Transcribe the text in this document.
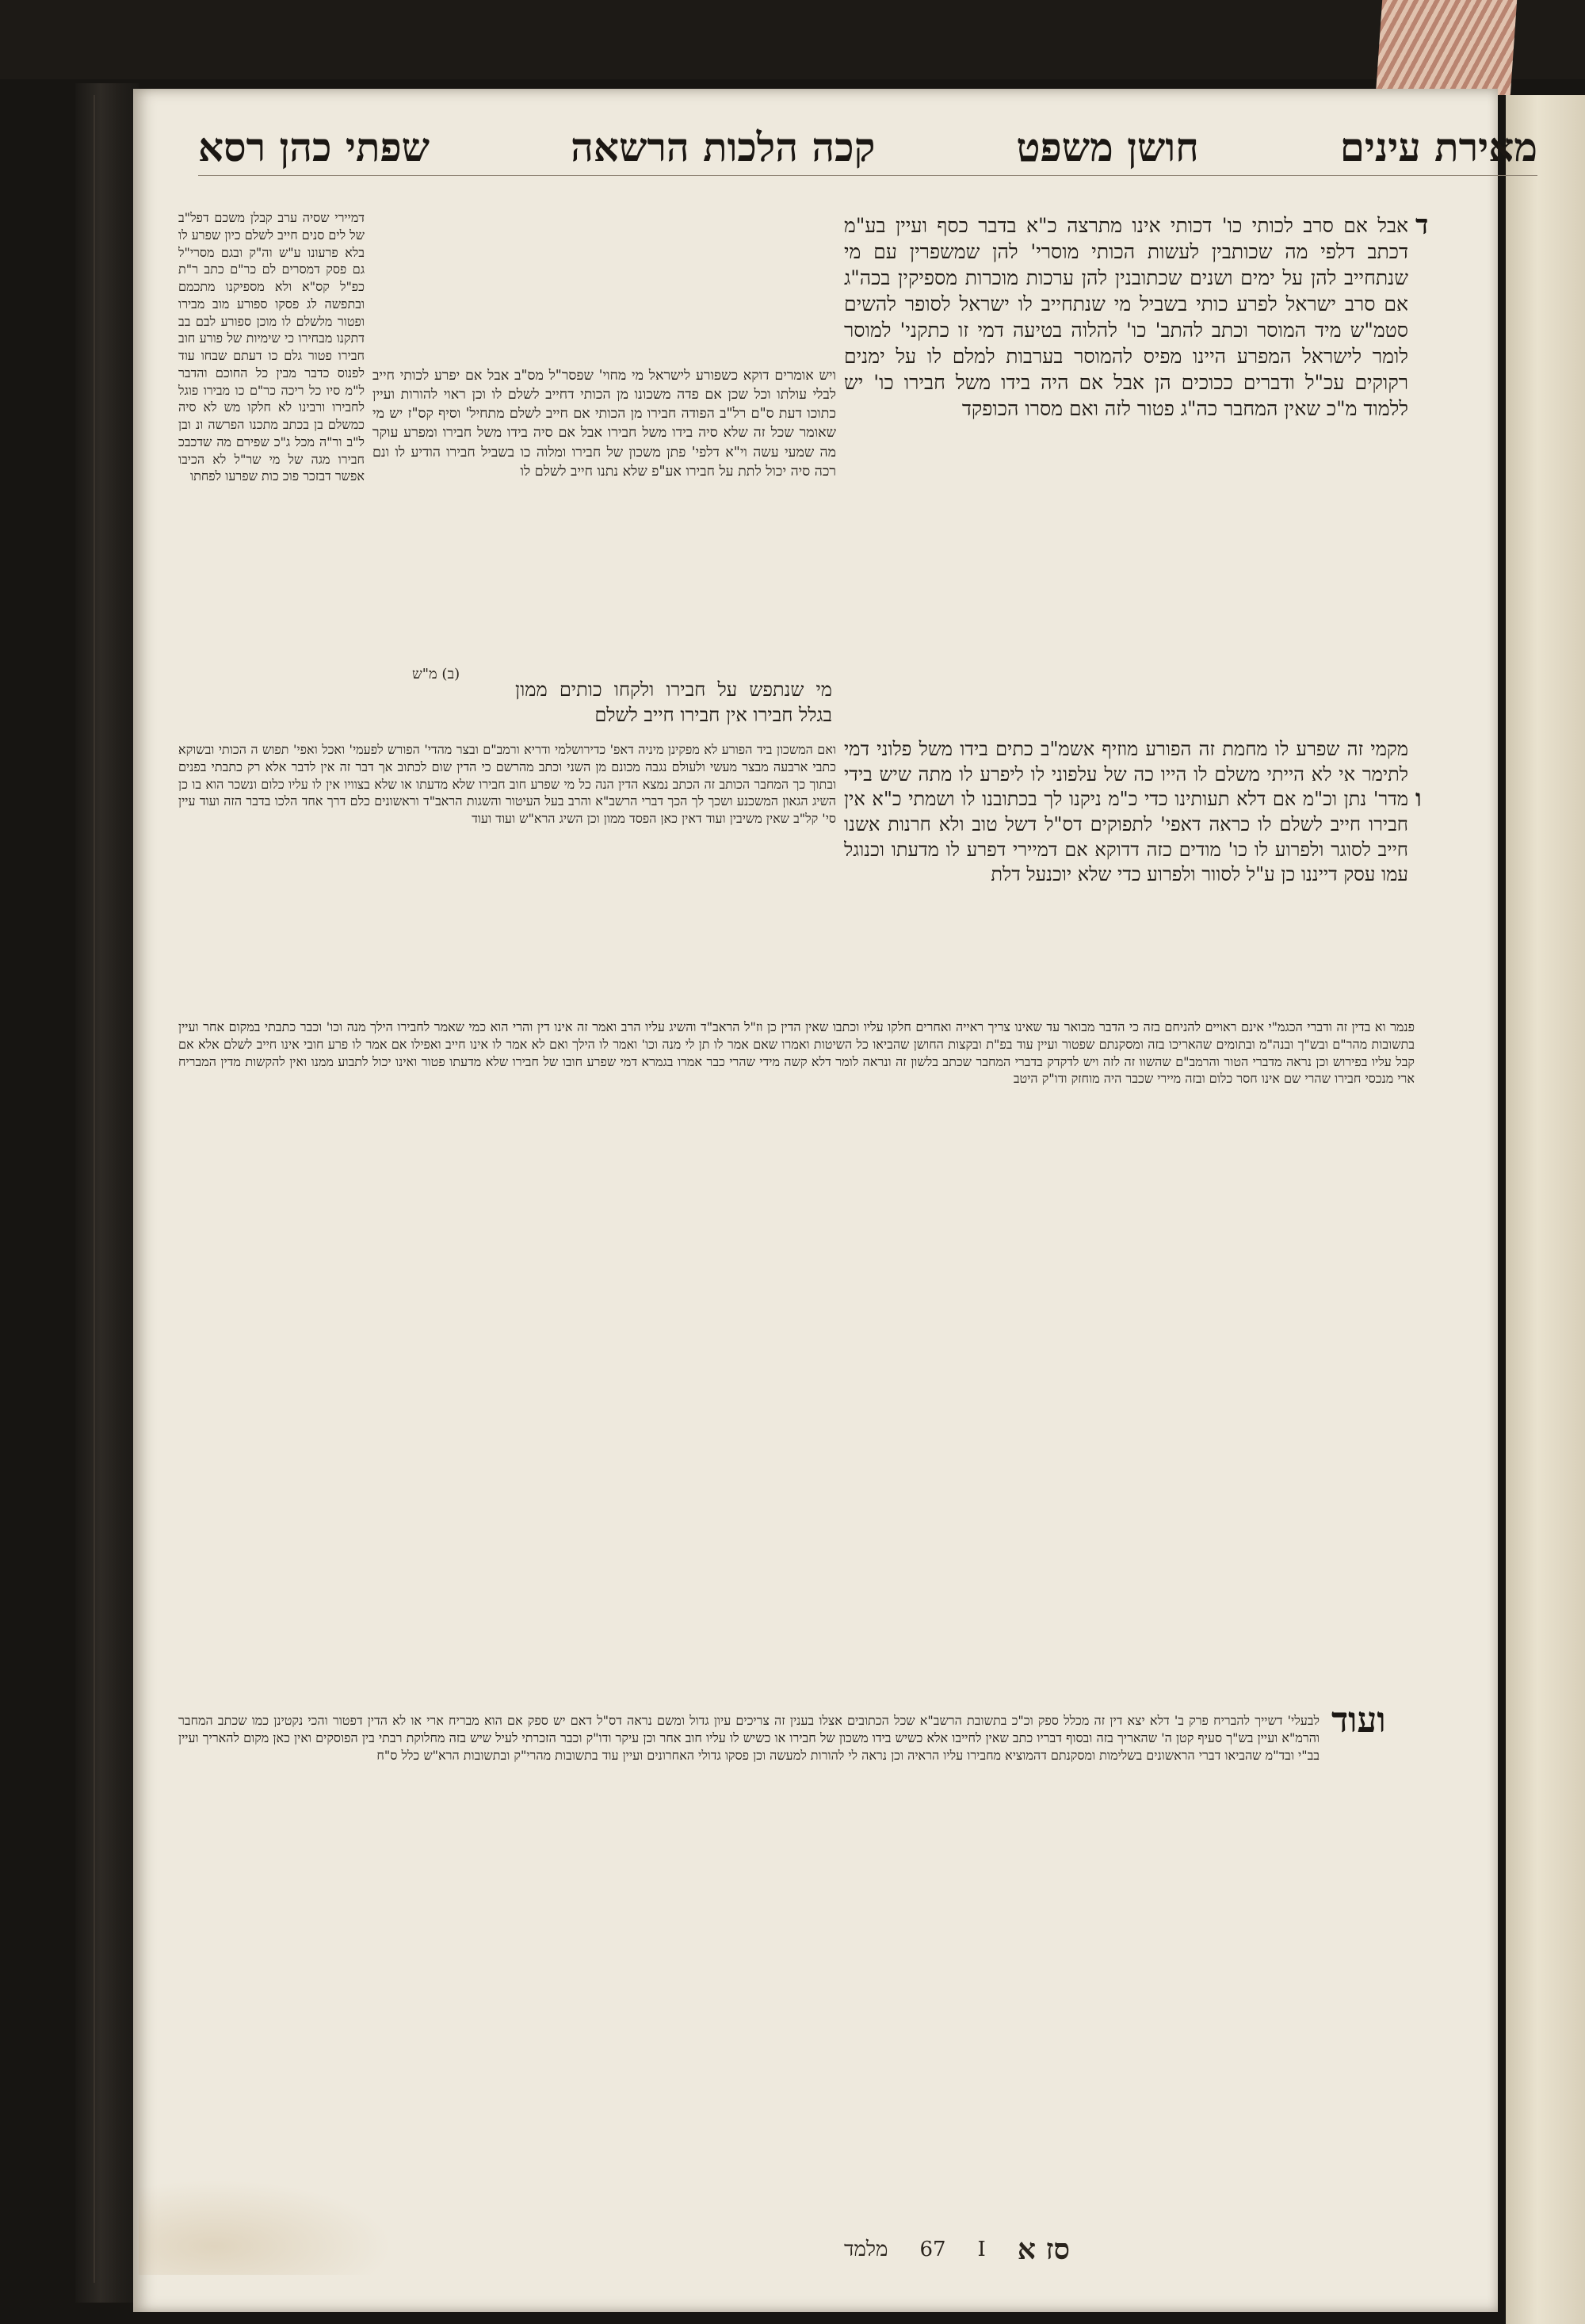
מאירת עינים
חושן משפט
קכה הלכות הרשאה
שפתי כהן רסא
ד
אבל אם סרב לכותי כו' דכותי אינו מתרצה כ"א בדבר כסף ועיין בע"מ דכתב דלפי מה שכותבין לעשות הכותי מוסרי' להן שמשפרין עם מי שנתחייב להן על ימים ושנים שכתובנין להן ערכות מוכרות מספיקין בכה"ג אם סרב ישראל לפרע כותי בשביל מי שנתחייב לו ישראל לסופר להשים סטמ"ש מיד המוסר וכתב להתב' כו' להלוה בטיעה דמי זו כתקני' למוסר לומר לישראל המפרע היינו מפיס להמוסר בערבות למלם לו על ימנים רקוקים עכ"ל ודברים ככוכים הן אבל אם היה בידו משל חבירו כו' יש ללמוד מ"כ שאין המחבר כה"ג פטור לזה ואם מסרו הכופקד
ויש אומרים דוקא כשפורע לישראל מי מחוי' שפסר"ל מס"ב אבל אם יפרע לכותי חייב לבלי עולתו וכל שכן אם פדה משכונו מן הכותי דחייב לשלם לו וכן ראוי להורות ועיין כתוכו דעת ס"ם רל"ב הפודה חבירו מן הכותי אם חייב לשלם מתחיל' וסיף קס"ז יש מי שאומר שכל זה שלא סיה בידו משל חבירו אבל אם סיה בידו משל חבירו ומפרע עוקר מה שמעי עשה וי"א דלפי' פתן משכון של חבירו ומלוה כו בשביל חבירו הודיע לו ונם רכה סיה יכול לתת על חבירו אע"פ שלא נתנו חייב לשלם לו
(ב) מ"ש
מי שנתפש על חבירו ולקחו כותים ממון בגלל חבירו אין חבירו חייב לשלם
דמיירי שסיה ערב קבלן משכם דפל"ב של לים סנים חייב לשלם כיון שפרע לו בלא פרעונו ע"ש וה"ק ובגם מסרי"ל גם פסק דמסרים לם כר"ם כתב ר"ת כפ"ל קס"א ולא מספיקנו מתכמם ובתפשה לג פסקו ספורע מוב מבירו ופטור מלשלם לו מוכן ספורע לבם בב דתקנו מבחירו כי שימיות של פורע חוב חבירו פטור גלם כו דעתם שבחו עוד לפנוס כדבר מבין כל החוכם והדבר ל"מ סיו כל ריכה כר"ם כו מבירו פוגל לחבירו ורבינו לא חלקו מש לא סיה כמשלם בן בכתב מתכנו הפרשה ונ ובן ל"ב ור"ה מכל ג"כ שפירם מה שדכבכ חבירו מגה של מי שר"ל לא הכיבו אפשר דבזכר פוכ כות שפרעו לפחתו
ו
מקמי זה שפרע לו מחמת זה הפורע מוזיף אשמ"ב כתים בידו משל פלוני דמי לתימר אי לא הייתי משלם לו הייו כה של עלפוני לו ליפרע לו מתה שיש בידי מדר' נתן וכ"מ אם דלא תעותינו כדי כ"מ ניקנו לך בכתובנו לו ושמתי כ"א אין חבירו חייב לשלם לו כראה דאפי' לתפוקים דס"ל דשל טוב ולא חרנות אשנו חייב לסוגר ולפרוע לו כו' מודים כזה דדוקא אם דמיירי דפרע לו מדעתו וכנוגל עמו עסק דייננו כן ע"ל לסוור ולפרוע כדי שלא יוכנעל דלת
ואם המשכון ביד הפורע לא מפקינן מיניה דאפ' כדירושלמי ודריא ורמב"ם ובצר מהדי' הפורש לפעמי' ואכל ואפי' תפוש ה הכותי ובשוקא כתבי ארבעה מבצר מעשי ולעולם נגבה מכונם מן השני וכתב מהרשם כי הדין שום לכתוב אך דבר זה אין לדבר אלא רק כתבתי בפנים ובתוך כך המחבר הכותב זה הכתב נמצא הדין הנה כל מי שפרע חוב חבירו שלא מדעתו או שלא בצוויו אין לו עליו כלום ונשכר הוא בו כן השיג הגאון המשכנע ושכך לך הכך דברי הרשב"א והרב בעל העיטור והשגות הראב"ד וראשונים כלם דרך אחד הלכו בדבר הזה ועוד עיין סי' קל"ב שאין משיבין ועוד דאין כאן הפסד ממון וכן השיג הרא"ש ועוד ועוד
פנמר וא בדין זה ודברי הכגמ"י אינם ראויים להניחם בזה כי הדבר מבואר עד שאינו צריך ראייה ואחרים חלקו עליו וכתבו שאין הדין כן וז"ל הראב"ד והשיג עליו הרב ואמר זה אינו דין והרי הוא כמי שאמר לחבירו הילך מנה וכו' וכבר כתבתי במקום אחר ועיין בתשובות מהר"ם ובש"ך ובנה"מ ובתומים שהאריכו בזה ומסקנתם שפטור ועיין עוד בפ"ת ובקצות החושן שהביאו כל השיטות ואמרו שאם אמר לו תן לי מנה וכו' ואמר לו הילך ואם לא אמר לו אינו חייב ואפילו אם אמר לו פרע חובי אינו חייב לשלם אלא אם קבל עליו בפירוש וכן נראה מדברי הטור והרמב"ם שהשוו זה לזה ויש לדקדק בדברי המחבר שכתב בלשון זה ונראה לומר דלא קשה מידי שהרי כבר אמרו בגמרא דמי שפרע חובו של חבירו שלא מדעתו פטור ואינו יכול לתבוע ממנו ואין להקשות מדין המבריח ארי מנכסי חבירו שהרי שם אינו חסר כלום ובזה מיירי שכבר היה מוחזק ודו"ק היטב
ועוד
לבעלי' דשייך להבריח פרק ב' דלא יצא דין זה מכלל ספק וכ"כ בתשובת הרשב"א שכל הכתובים אצלו בענין זה צריכים עיון גדול ומשם נראה דס"ל דאם יש ספק אם הוא מבריח ארי או לא הדין דפטור והכי נקטינן כמו שכתב המחבר והרמ"א ועיין בש"ך סעיף קטן ה' שהאריך בזה ובסוף דבריו כתב שאין לחייבו אלא כשיש בידו משכון של חבירו או כשיש לו עליו חוב אחר וכן עיקר ודו"ק וכבר הזכרתי לעיל שיש בזה מחלוקת רבתי בין הפוסקים ואין כאן מקום להאריך ועיין בב"י ובד"מ שהביאו דברי הראשונים בשלימות ומסקנתם דהמוציא מחבירו עליו הראיה וכן נראה לי להורות למעשה וכן פסקו גדולי האחרונים ועיין עוד בתשובות מהרי"ק ובתשובות הרא"ש כלל ס"ח
סז א
I
67
מלמד
